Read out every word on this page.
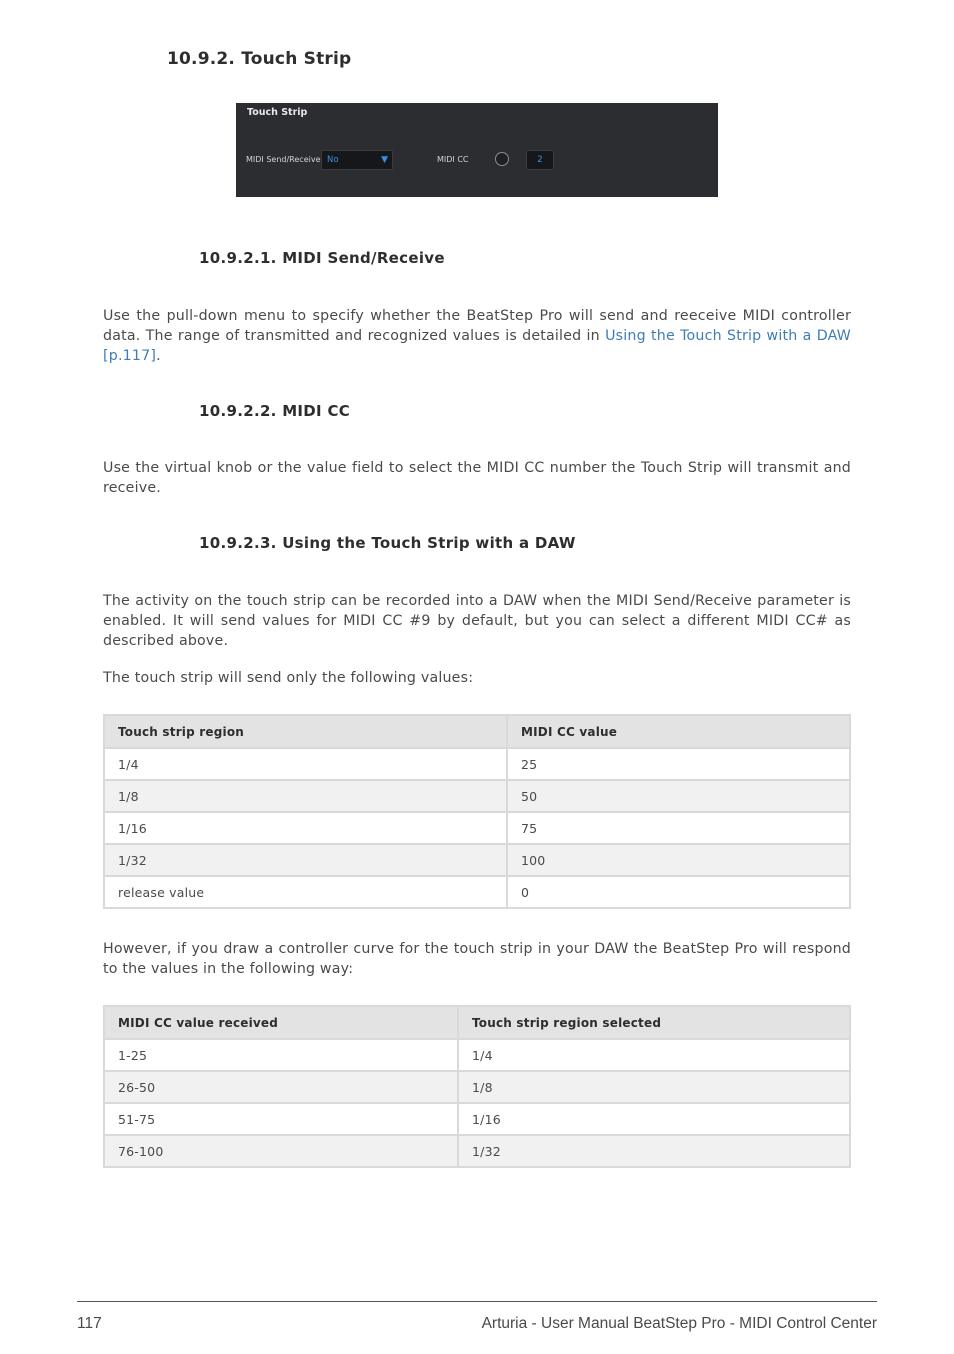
10.9.2. Touch Strip
Touch Strip
MIDI Send/Receive No	▼	MIDI CC	2
10.9.2.1. MIDI Send/Receive
Use the pull-down menu to specify whether the BeatStep Pro will send and reeceive MIDI controller data. The range of transmitted and recognized values is detailed in Using the Touch Strip with a DAW [p.117].
10.9.2.2. MIDI CC
Use the virtual knob or the value field to select the MIDI CC number the Touch Strip will transmit and receive.
10.9.2.3. Using the Touch Strip with a DAW
The activity on the touch strip can be recorded into a DAW when the MIDI Send/Receive parameter is enabled. It will send values for MIDI CC #9 by default, but you can select a different MIDI CC# as described above.
The touch strip will send only the following values:
Touch strip region	MIDI CC value
1/4	25
1/8	50
1/16	75
1/32	100
release value	0
However, if you draw a controller curve for the touch strip in your DAW the BeatStep Pro will respond to the values in the following way:
MIDI CC value received	Touch strip region selected
1-25	1/4
26-50	1/8
51-75	1/16
76-100	1/32
117	Arturia - User Manual BeatStep Pro - MIDI Control Center
